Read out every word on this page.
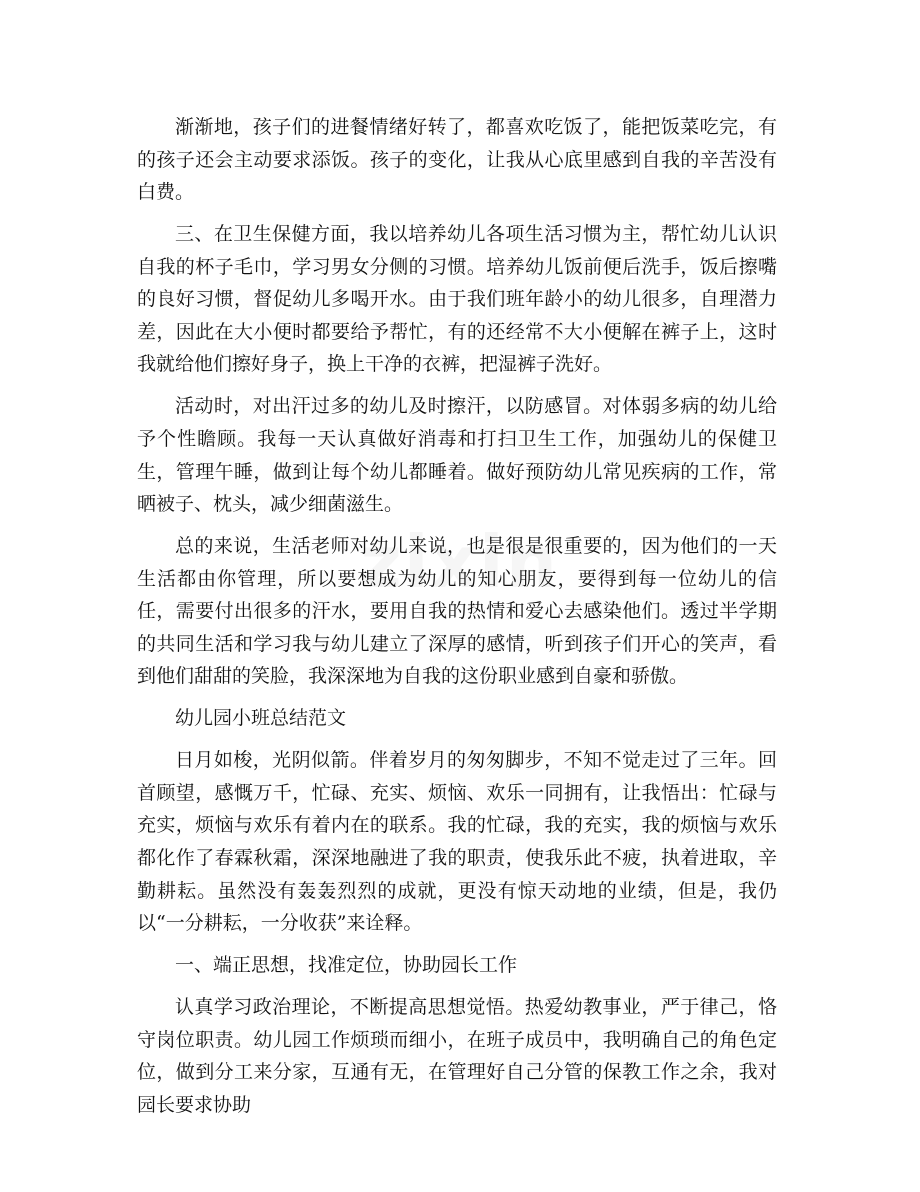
渐渐地，孩子们的进餐情绪好转了，都喜欢吃饭了，能把饭菜吃完，有的孩子还会主动要求添饭。孩子的变化，让我从心底里感到自我的辛苦没有白费。

三、在卫生保健方面，我以培养幼儿各项生活习惯为主，帮忙幼儿认识自我的杯子毛巾，学习男女分侧的习惯。培养幼儿饭前便后洗手，饭后擦嘴的良好习惯，督促幼儿多喝开水。由于我们班年龄小的幼儿很多，自理潜力差，因此在大小便时都要给予帮忙，有的还经常不大小便解在裤子上，这时我就给他们擦好身子，换上干净的衣裤，把湿裤子洗好。

活动时，对出汗过多的幼儿及时擦汗，以防感冒。对体弱多病的幼儿给予个性瞻顾。我每一天认真做好消毒和打扫卫生工作，加强幼儿的保健卫生，管理午睡，做到让每个幼儿都睡着。做好预防幼儿常见疾病的工作，常晒被子、枕头，减少细菌滋生。

总的来说，生活老师对幼儿来说，也是很是很重要的，因为他们的一天生活都由你管理，所以要想成为幼儿的知心朋友，要得到每一位幼儿的信任，需要付出很多的汗水，要用自我的热情和爱心去感染他们。透过半学期的共同生活和学习我与幼儿建立了深厚的感情，听到孩子们开心的笑声，看到他们甜甜的笑脸，我深深地为自我的这份职业感到自豪和骄傲。

幼儿园小班总结范文

日月如梭，光阴似箭。伴着岁月的匆匆脚步，不知不觉走过了三年。回首顾望，感慨万千，忙碌、充实、烦恼、欢乐一同拥有，让我悟出：忙碌与充实，烦恼与欢乐有着内在的联系。我的忙碌，我的充实，我的烦恼与欢乐都化作了春霖秋霜，深深地融进了我的职责，使我乐此不疲，执着进取，辛勤耕耘。虽然没有轰轰烈烈的成就，更没有惊天动地的业绩，但是，我仍以“一分耕耘，一分收获”来诠释。

一、端正思想，找准定位，协助园长工作

认真学习政治理论，不断提高思想觉悟。热爱幼教事业，严于律己，恪守岗位职责。幼儿园工作烦琐而细小，在班子成员中，我明确自己的角色定位，做到分工来分家，互通有无，在管理好自己分管的保教工作之余，我对园长要求协助
